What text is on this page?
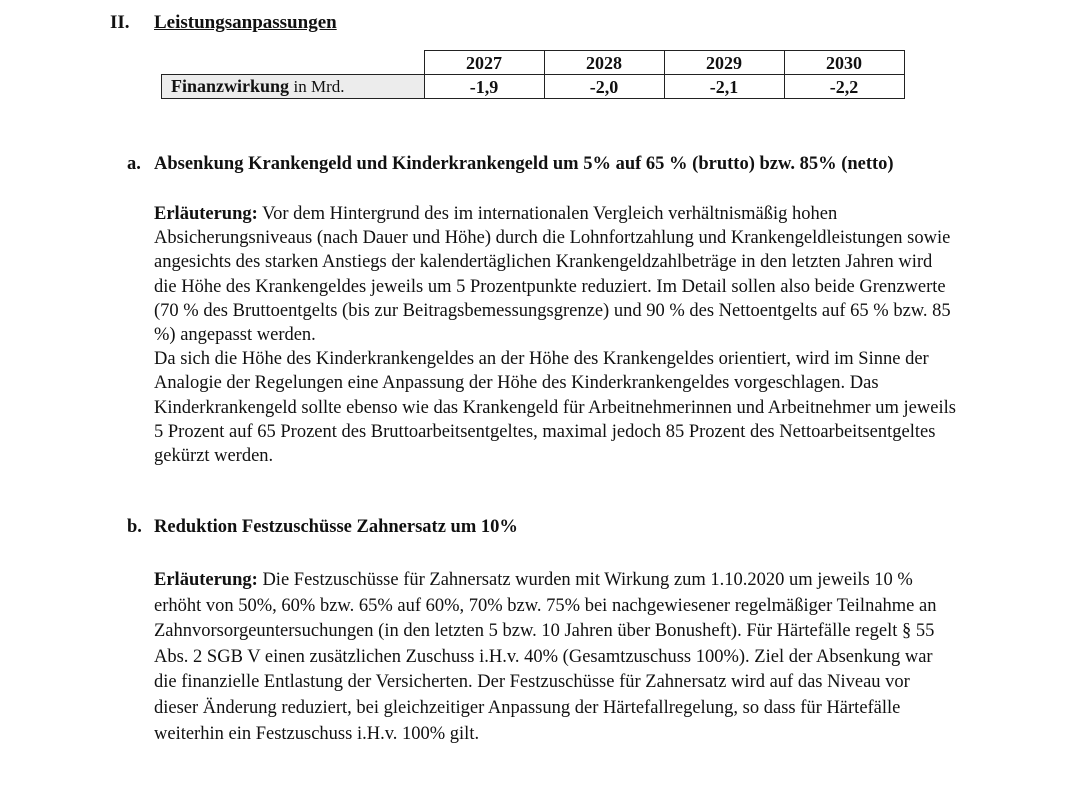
II. Leistungsanpassungen
	2027	2028	2029	2030
Finanzwirkung in Mrd.	-1,9	-2,0	-2,1	-2,2
a. Absenkung Krankengeld und Kinderkrankengeld um 5% auf 65 % (brutto) bzw. 85% (netto)

Erläuterung: Vor dem Hintergrund des im internationalen Vergleich verhältnismäßig hohen Absicherungsniveaus (nach Dauer und Höhe) durch die Lohnfortzahlung und Krankengeldleistungen sowie angesichts des starken Anstiegs der kalendertäglichen Krankengeldzahlbeträge in den letzten Jahren wird die Höhe des Krankengeldes jeweils um 5 Prozentpunkte reduziert. Im Detail sollen also beide Grenzwerte (70 % des Bruttoentgelts (bis zur Beitragsbemessungsgrenze) und 90 % des Nettoentgelts auf 65 % bzw. 85 %) angepasst werden.

Da sich die Höhe des Kinderkrankengeldes an der Höhe des Krankengeldes orientiert, wird im Sinne der Analogie der Regelungen eine Anpassung der Höhe des Kinderkrankengeldes vorgeschlagen. Das Kinderkrankengeld sollte ebenso wie das Krankengeld für Arbeitnehmerinnen und Arbeitnehmer um jeweils 5 Prozent auf 65 Prozent des Bruttoarbeitsentgeltes, maximal jedoch 85 Prozent des Nettoarbeitsentgeltes gekürzt werden.

b. Reduktion Festzuschüsse Zahnersatz um 10%

Erläuterung: Die Festzuschüsse für Zahnersatz wurden mit Wirkung zum 1.10.2020 um jeweils 10 % erhöht von 50%, 60% bzw. 65% auf 60%, 70% bzw. 75% bei nachgewiesener regelmäßiger Teilnahme an Zahnvorsorgeuntersuchungen (in den letzten 5 bzw. 10 Jahren über Bonusheft). Für Härtefälle regelt § 55 Abs. 2 SGB V einen zusätzlichen Zuschuss i.H.v. 40% (Gesamtzuschuss 100%). Ziel der Absenkung war die finanzielle Entlastung der Versicherten. Der Festzuschüsse für Zahnersatz wird auf das Niveau vor dieser Änderung reduziert, bei gleichzeitiger Anpassung der Härtefallregelung, so dass für Härtefälle weiterhin ein Festzuschuss i.H.v. 100% gilt.
